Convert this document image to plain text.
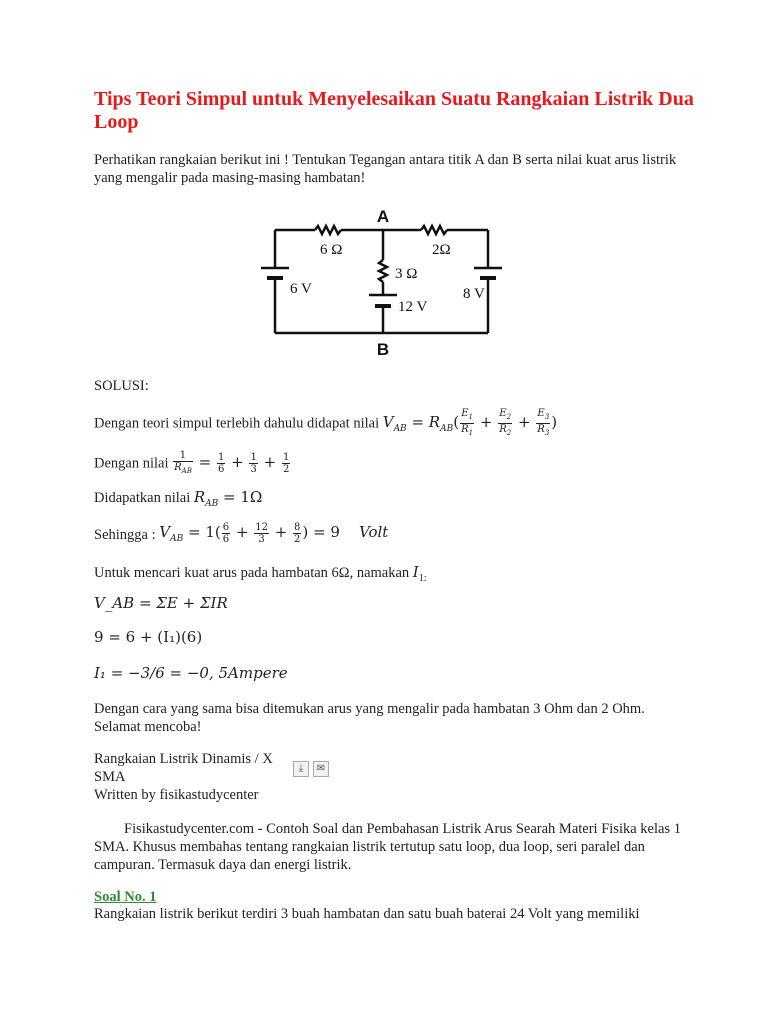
Tips Teori Simpul untuk Menyelesaikan Suatu Rangkaian Listrik Dua Loop
Perhatikan rangkaian berikut ini ! Tentukan Tegangan antara titik A dan B serta nilai kuat arus listrik yang mengalir pada masing-masing hambatan!
A
B
6 Ω	2Ω
3 Ω
6 V
12 V
8 V
SOLUSI:
Dengan teori simpul terlebih dahulu didapat nilai $V_{AB} = R_{AB}( \frac{E_1}{R_1} + \frac{E_2}{R_2} + \frac{E_3}{R_3}$ )
Dengan nilai $\frac{1}{R_{AB}} = \frac{1}{6} + \frac{1}{3} + \frac{1}{2}$
Didapatkan nilai $R_{AB} = 1\Omega$
Sehingga : $V_{AB} = 1( \frac{6}{6} + \frac{12}{3} + \frac{8}{2}$ ) = 9    Volt
Untuk mencari kuat arus pada hambatan 6Ω, namakan $I_{1:}$
V_AB = ΣE + ΣIR
9 = 6 + (I₁)(6)
I₁ = −3/6 = −0, 5Ampere
Dengan cara yang sama bisa ditemukan arus yang mengalir pada hambatan 3 Ohm dan 2 Ohm. Selamat mencoba!
Rangkaian Listrik Dinamis / X
⤓ ✉
SMA
Written by fisikastudycenter
Fisikastudycenter.com - Contoh Soal dan Pembahasan Listrik Arus Searah Materi Fisika kelas 1 SMA. Khusus membahas tentang rangkaian listrik tertutup satu loop, dua loop, seri paralel dan campuran. Termasuk daya dan energi listrik.
Soal No. 1
Rangkaian listrik berikut terdiri 3 buah hambatan dan satu buah baterai 24 Volt yang memiliki
